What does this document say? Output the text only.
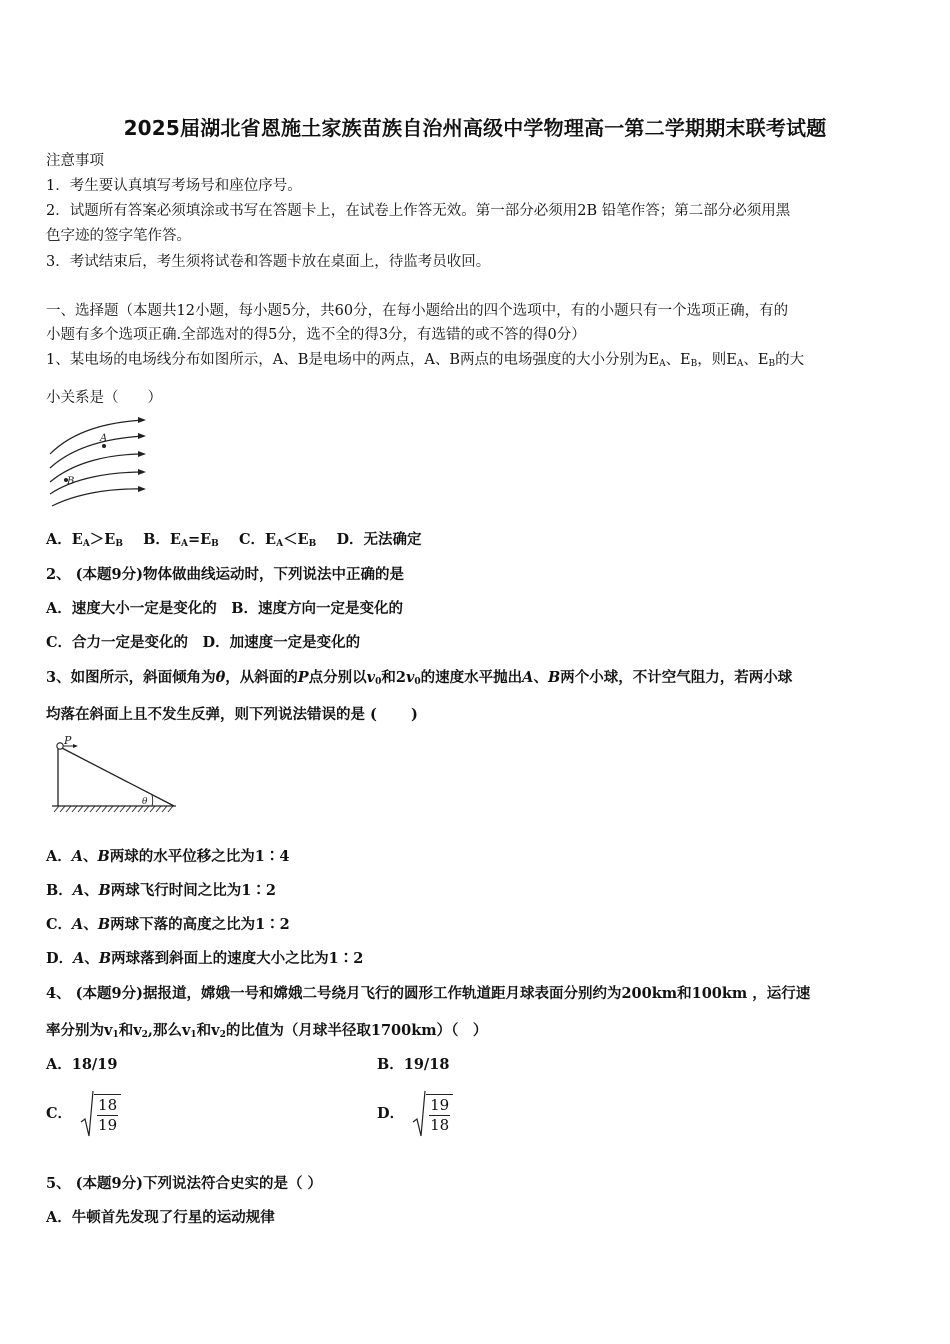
2025届湖北省恩施土家族苗族自治州高级中学物理高一第二学期期末联考试题
注意事项
1．考生要认真填写考场号和座位序号。
2．试题所有答案必须填涂或书写在答题卡上，在试卷上作答无效。第一部分必须用2B 铅笔作答；第二部分必须用黑
色字迹的签字笔作答。
3．考试结束后，考生须将试卷和答题卡放在桌面上，待监考员收回。
一、选择题（本题共12小题，每小题5分，共60分，在每小题给出的四个选项中，有的小题只有一个选项正确，有的
小题有多个选项正确.全部选对的得5分，选不全的得3分，有选错的或不答的得0分）
1、某电场的电场线分布如图所示，A、B是电场中的两点，A、B两点的电场强度的大小分别为$E_A$、$E_B$，则$E_A$、$E_B$的大
小关系是（　　）
A
B
A．$E_A>E_B$ B．$E_A=E_B$ C．$E_A<E_B$ D．无法确定
2、 (本题9分)物体做曲线运动时，下列说法中正确的是
A．速度大小一定是变化的　B．速度方向一定是变化的
C．合力一定是变化的　D．加速度一定是变化的
3、如图所示，斜面倾角为θ，从斜面的P点分别以$v_0$和$2v_0$的速度水平抛出A、B两个小球，不计空气阻力，若两小球
均落在斜面上且不发生反弹，则下列说法错误的是 (　　 )
P
θ
A．A、B两球的水平位移之比为1∶4
B．A、B两球飞行时间之比为1∶2
C．A、B两球下落的高度之比为1∶2
D．A、B两球落到斜面上的速度大小之比为1∶2
4、 (本题9分)据报道，嫦娥一号和嫦娥二号绕月飞行的圆形工作轨道距月球表面分别约为200km和100km ，运行速
率分别为$v_1$和$v_2$,那么$v_1$和$v_2$的比值为（月球半径取1700km）（　）
A．18/19	B．19/18
C． $\frac{18}{19}$	D． $\frac{19}{18}$
5、 (本题9分)下列说法符合史实的是（ ）
A．牛顿首先发现了行星的运动规律
